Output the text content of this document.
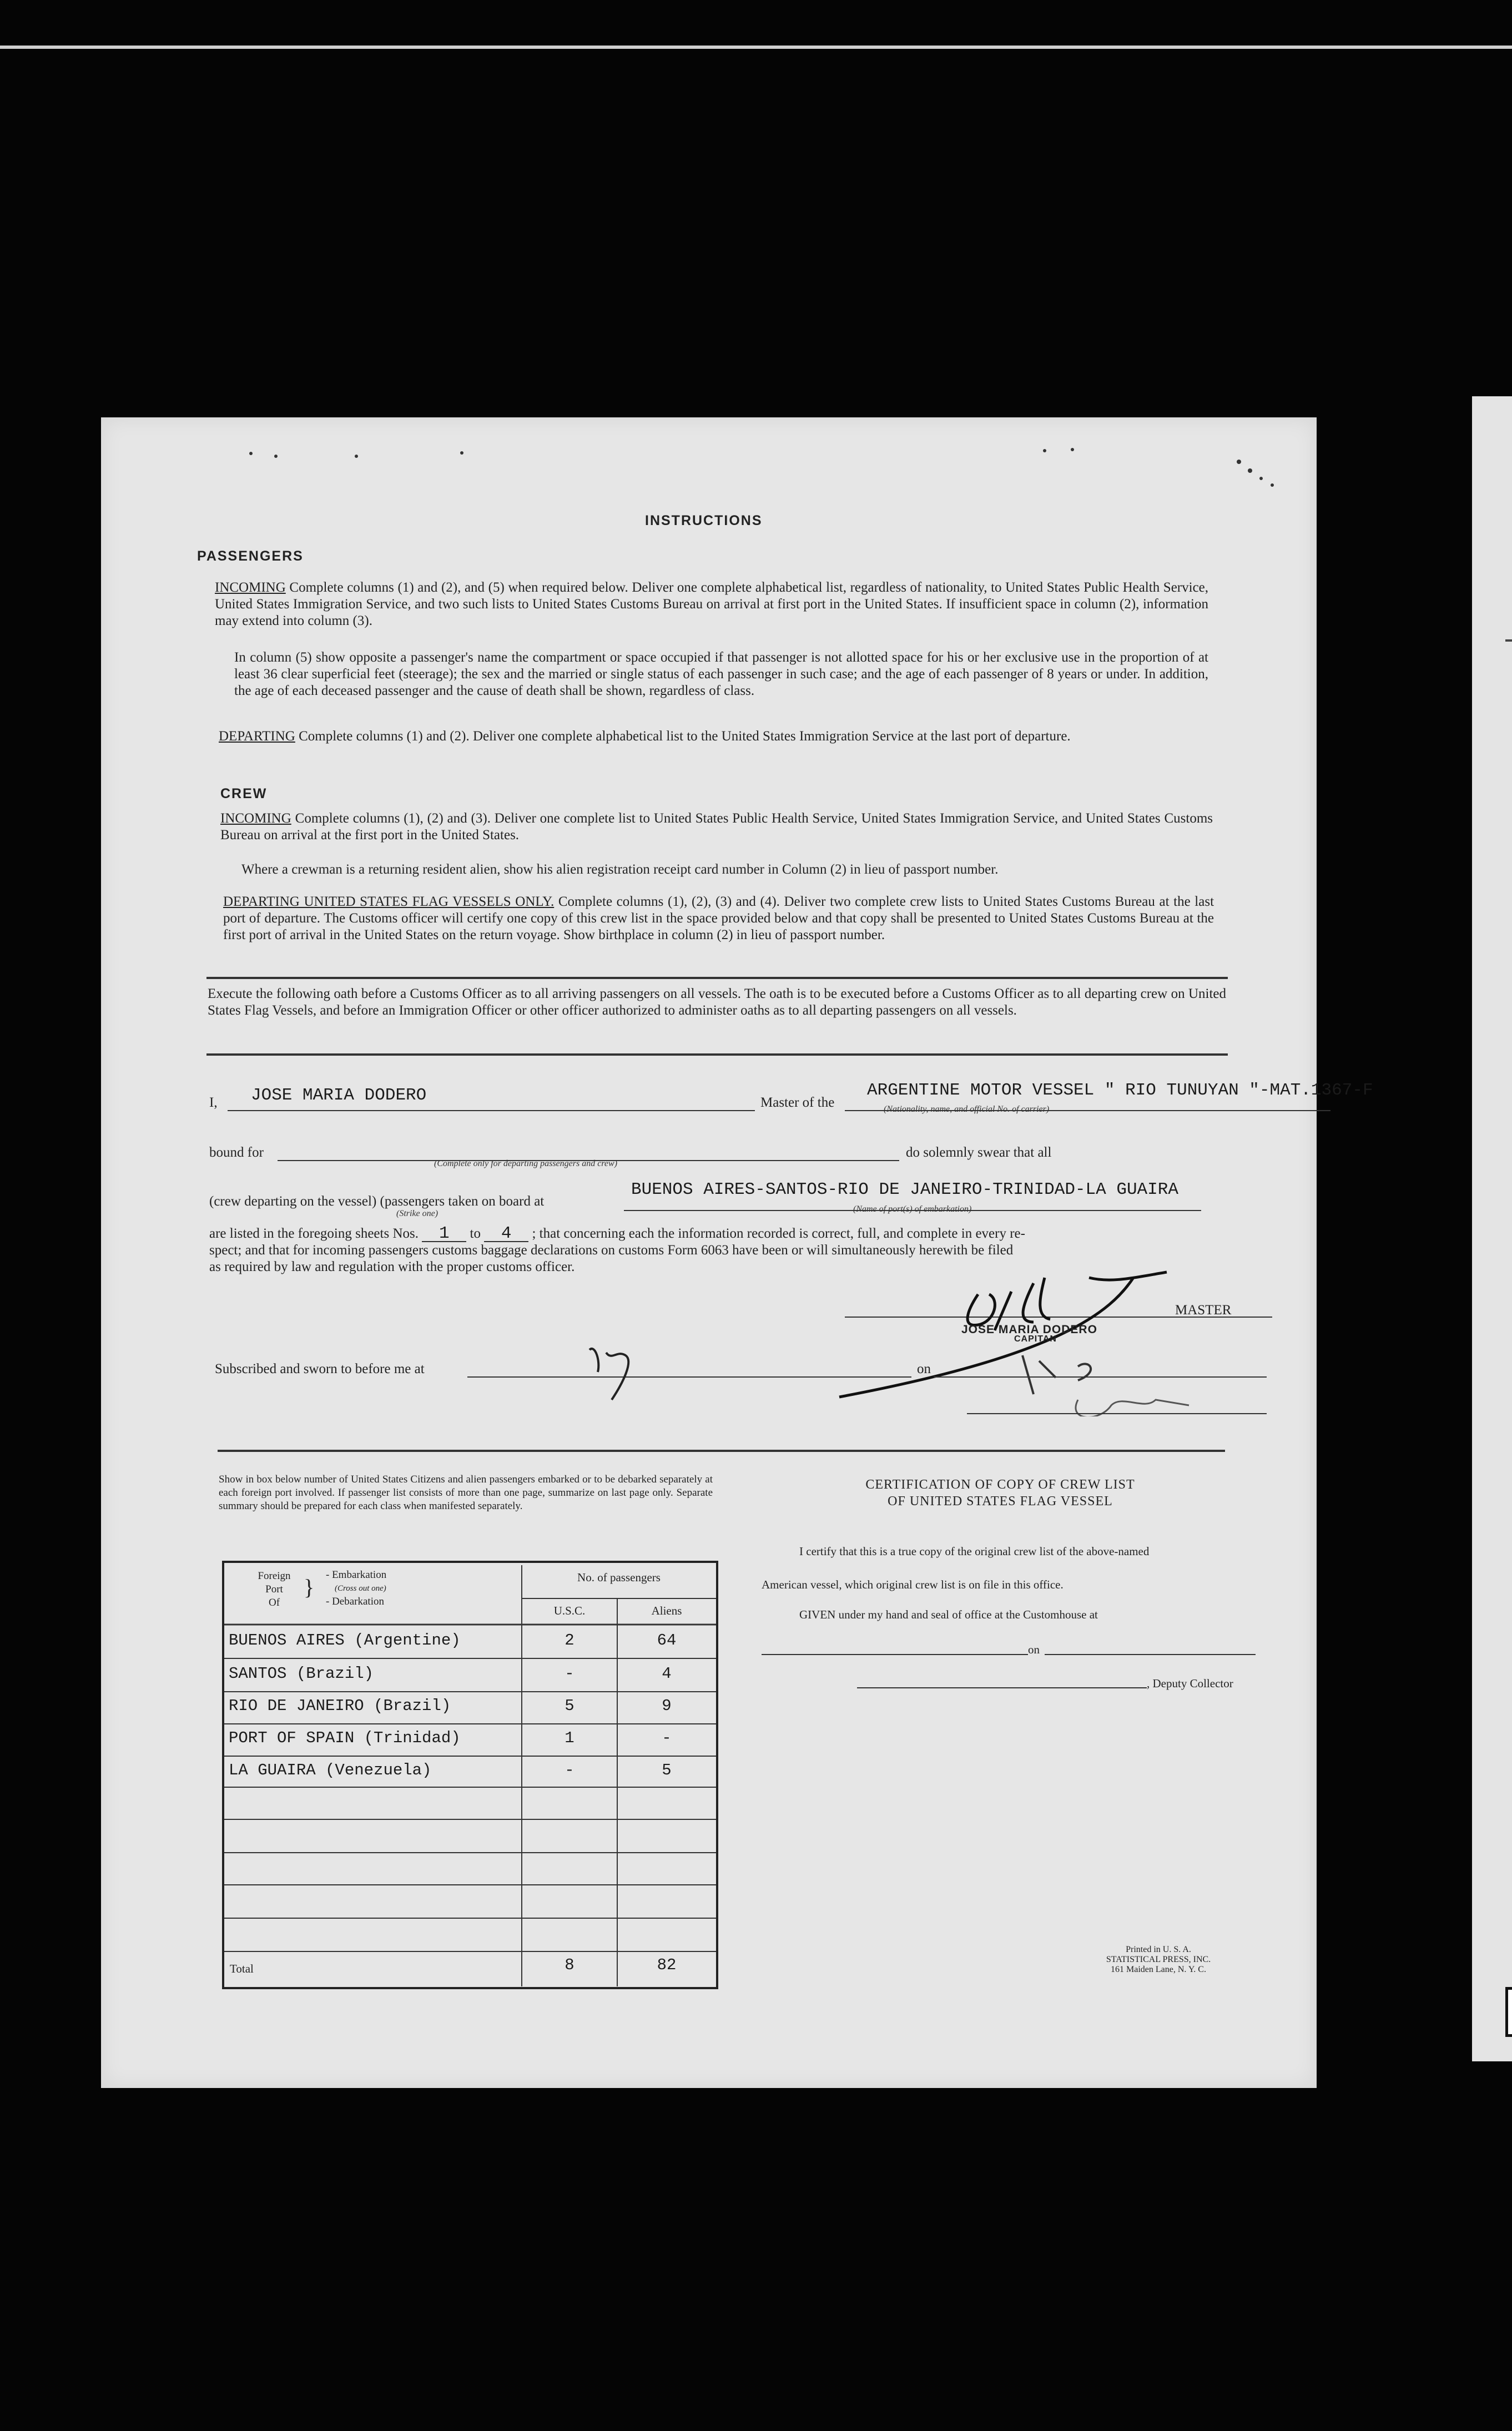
INSTRUCTIONS
PASSENGERS
INCOMING Complete columns (1) and (2), and (5) when required below. Deliver one complete alphabetical list, regardless of nationality, to United States Public Health Service, United States Immigration Service, and two such lists to United States Customs Bureau on arrival at first port in the United States. If insufficient space in column (2), information may extend into column (3).
In column (5) show opposite a passenger's name the compartment or space occupied if that passenger is not allotted space for his or her exclusive use in the proportion of at least 36 clear superficial feet (steerage); the sex and the married or single status of each passenger in such case; and the age of each passenger of 8 years or under. In addition, the age of each deceased passenger and the cause of death shall be shown, regardless of class.
DEPARTING Complete columns (1) and (2). Deliver one complete alphabetical list to the United States Immigration Service at the last port of departure.
CREW
INCOMING Complete columns (1), (2) and (3). Deliver one complete list to United States Public Health Service, United States Immigration Service, and United States Customs Bureau on arrival at the first port in the United States.
Where a crewman is a returning resident alien, show his alien registration receipt card number in Column (2) in lieu of passport number.
DEPARTING UNITED STATES FLAG VESSELS ONLY. Complete columns (1), (2), (3) and (4). Deliver two complete crew lists to United States Customs Bureau at the last port of departure. The Customs officer will certify one copy of this crew list in the space provided below and that copy shall be presented to United States Customs Bureau at the first port of arrival in the United States on the return voyage. Show birthplace in column (2) in lieu of passport number.
Execute the following oath before a Customs Officer as to all arriving passengers on all vessels. The oath is to be executed before a Customs Officer as to all departing crew on United States Flag Vessels, and before an Immigration Officer or other officer authorized to administer oaths as to all departing passengers on all vessels.
I, JOSE MARIA DODERO	Master of the
ARGENTINE MOTOR VESSEL " RIO TUNUYAN "-MAT.1367-F
(Nationality, name, and official No. of carrier)
bound for
(Complete only for departing passengers and crew)
do solemnly swear that all
(crew departing on the vessel) (passengers taken on board at
(Strike one)
BUENOS AIRES-SANTOS-RIO DE JANEIRO-TRINIDAD-LA GUAIRA
(Name of port(s) of embarkation)
are listed in the foregoing sheets Nos. 1 to 4 ; that concerning each the information recorded is correct, full, and complete in every re-
spect; and that for incoming passengers customs baggage declarations on customs Form 6063 have been or will simultaneously herewith be filed
as required by law and regulation with the proper customs officer.
MASTER
JOSE MARIA DODERO
CAPITAN
Subscribed and sworn to before me at	on
Show in box below number of United States Citizens and alien passengers embarked or to be debarked separately at each foreign port involved. If passenger list consists of more than one page, summarize on last page only. Separate summary should be prepared for each class when manifested separately.
Foreign
Port
Of
} - Embarkation
(Cross out one)
- Debarkation
No. of passengers
U.S.C.	Aliens
BUENOS AIRES (Argentine)	2	64
SANTOS (Brazil)	-	4
RIO DE JANEIRO (Brazil)	5	9
PORT OF SPAIN (Trinidad)	1	-
LA GUAIRA (Venezuela)	-	5
Total	8	82
CERTIFICATION OF COPY OF CREW LIST
OF UNITED STATES FLAG VESSEL
I certify that this is a true copy of the original crew list of the above-named
American vessel, which original crew list is on file in this office.
GIVEN under my hand and seal of office at the Customhouse at
on
, Deputy Collector
Printed in U. S. A.
STATISTICAL PRESS, INC.
161 Maiden Lane, N. Y. C.
